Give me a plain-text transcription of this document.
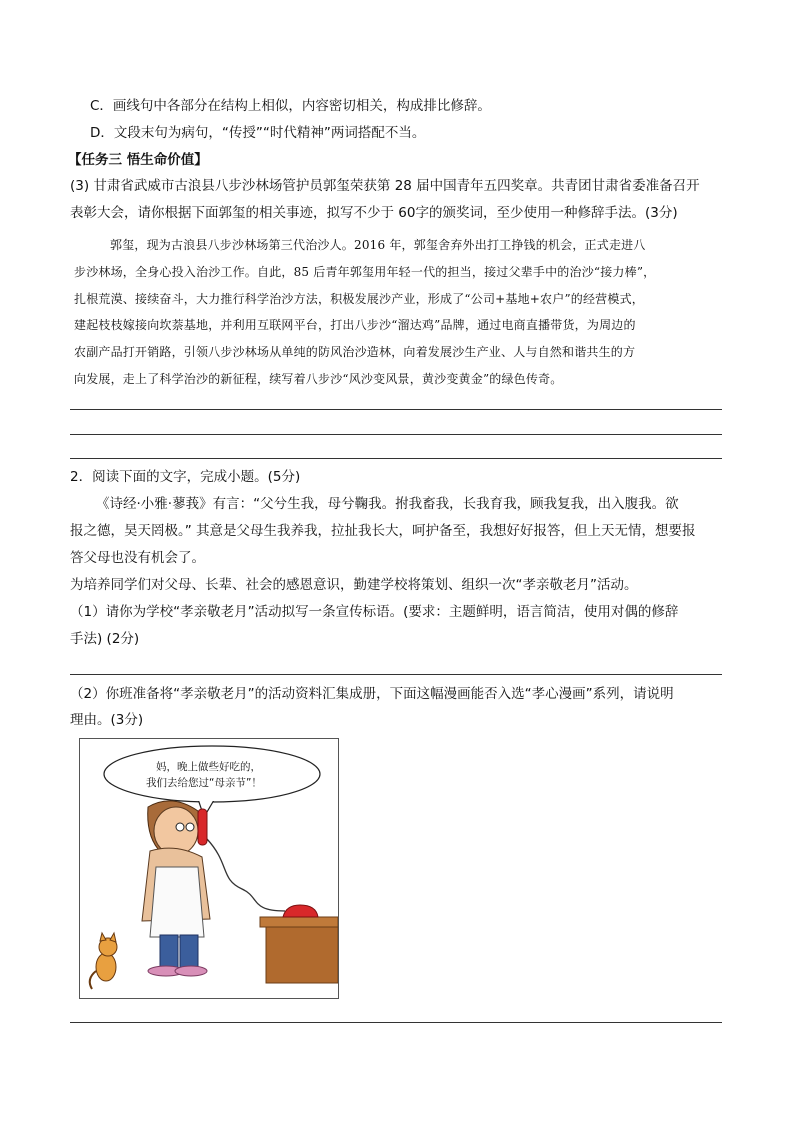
C．画线句中各部分在结构上相似，内容密切相关，构成排比修辞。
D．文段末句为病句，“传授”“时代精神”两词搭配不当。
【任务三 悟生命价值】
(3) 甘肃省武威市古浪县八步沙林场管护员郭玺荣获第 28 届中国青年五四奖章。共青团甘肃省委准备召开
表彰大会，请你根据下面郭玺的相关事迹，拟写不少于 60字的颁奖词，至少使用一种修辞手法。(3分)
郭玺，现为古浪县八步沙林场第三代治沙人。2016 年，郭玺舍弃外出打工挣钱的机会，正式走进八
步沙林场，全身心投入治沙工作。自此，85 后青年郭玺用年轻一代的担当，接过父辈手中的治沙“接力棒”，
扎根荒漠、接续奋斗，大力推行科学治沙方法，积极发展沙产业，形成了“公司+基地+农户”的经营模式，
建起枝枝嫁接向坎萘基地，并利用互联网平台，打出八步沙“溜达鸡”品牌，通过电商直播带货，为周边的
农副产品打开销路，引领八步沙林场从单纯的防风治沙造林，向着发展沙生产业、人与自然和谐共生的方
向发展，走上了科学治沙的新征程，续写着八步沙“风沙变风景，黄沙变黄金”的绿色传奇。
2．阅读下面的文字，完成小题。(5分)
《诗经·小雅·蓼莪》有言：“父兮生我，母兮鞠我。拊我畜我，长我育我，顾我复我，出入腹我。欲
报之德，昊天罔极。” 其意是父母生我养我，拉扯我长大，呵护备至，我想好好报答，但上天无情，想要报
答父母也没有机会了。
为培养同学们对父母、长辈、社会的感恩意识，勤建学校将策划、组织一次“孝亲敬老月”活动。
（1）请你为学校“孝亲敬老月”活动拟写一条宣传标语。(要求：主题鲜明，语言简洁，使用对偶的修辞
手法) (2分)
（2）你班准备将“孝亲敬老月”的活动资料汇集成册，下面这幅漫画能否入选“孝心漫画”系列，请说明
理由。(3分)
妈，晚上做些好吃的，
我们去给您过“母亲节”！
